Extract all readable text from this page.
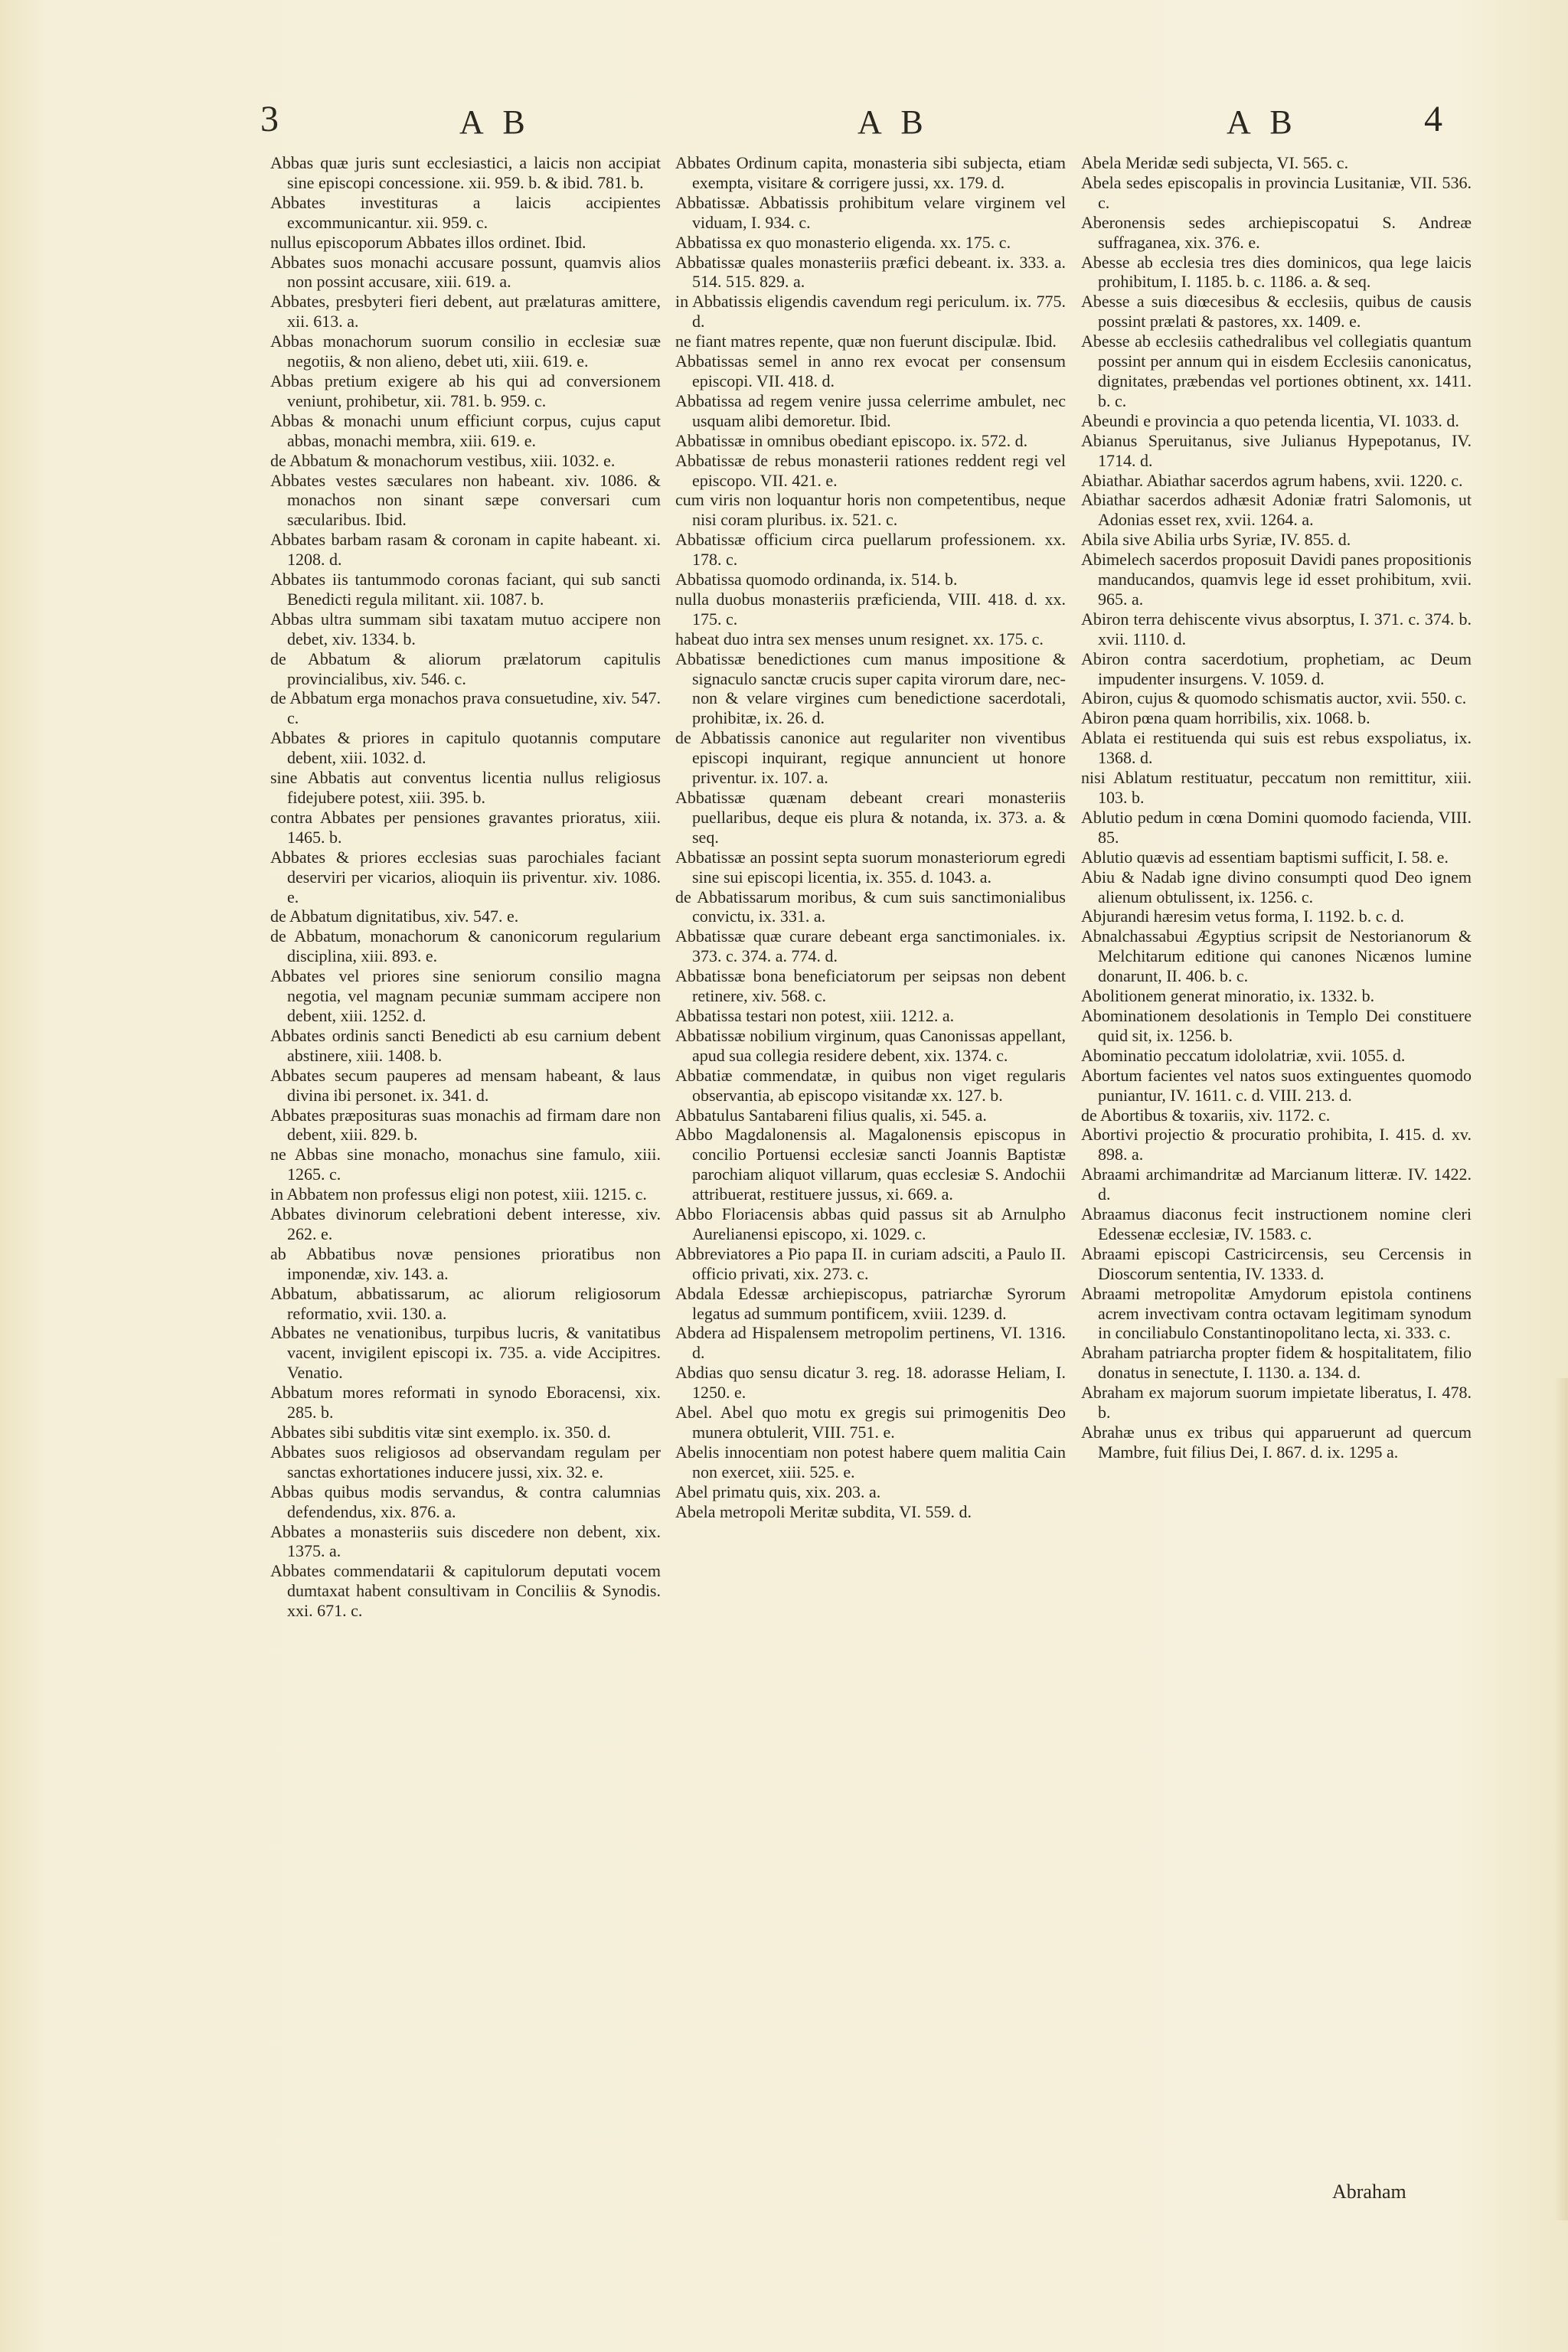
3	A B	A B	A B	4

Abbas quæ juris sunt ecclesiastici, a laicis non accipiat sine episcopi concessione. xii. 959. b. & ibid. 781. b.

Abbates investituras a laicis accipientes excommunicantur. xii. 959. c.

nullus episcoporum Abbates illos ordinet. Ibid.

Abbates suos monachi accusare possunt, quamvis alios non possint accusare, xiii. 619. a.

Abbates, presbyteri fieri debent, aut prælaturas amittere, xii. 613. a.

Abbas monachorum suorum consilio in ecclesiæ suæ negotiis, & non alieno, debet uti, xiii. 619. e.

Abbas pretium exigere ab his qui ad conversionem veniunt, prohibetur, xii. 781. b. 959. c.

Abbas & monachi unum efficiunt corpus, cujus caput abbas, monachi membra, xiii. 619. e.

de Abbatum & monachorum vestibus, xiii. 1032. e.

Abbates vestes sæculares non habeant. xiv. 1086. & monachos non sinant sæpe conversari cum sæcularibus. Ibid.

Abbates barbam rasam & coronam in capite habeant. xi. 1208. d.

Abbates iis tantummodo coronas faciant, qui sub sancti Benedicti regula militant. xii. 1087. b.

Abbas ultra summam sibi taxatam mutuo accipere non debet, xiv. 1334. b.

de Abbatum & aliorum prælatorum capitulis provincialibus, xiv. 546. c.

de Abbatum erga monachos prava consuetudine, xiv. 547. c.

Abbates & priores in capitulo quotannis computare debent, xiii. 1032. d.

sine Abbatis aut conventus licentia nullus religiosus fidejubere potest, xiii. 395. b.

contra Abbates per pensiones gravantes prioratus, xiii. 1465. b.

Abbates & priores ecclesias suas parochiales faciant deserviri per vicarios, alioquin iis priventur. xiv. 1086. e.

de Abbatum dignitatibus, xiv. 547. e.

de Abbatum, monachorum & canonicorum regularium disciplina, xiii. 893. e.

Abbates vel priores sine seniorum consilio magna negotia, vel magnam pecuniæ summam accipere non debent, xiii. 1252. d.

Abbates ordinis sancti Benedicti ab esu carnium debent abstinere, xiii. 1408. b.

Abbates secum pauperes ad mensam habeant, & laus divina ibi personet. ix. 341. d.

Abbates præposituras suas monachis ad firmam dare non debent, xiii. 829. b.

ne Abbas sine monacho, monachus sine famulo, xiii. 1265. c.

in Abbatem non professus eligi non potest, xiii. 1215. c.

Abbates divinorum celebrationi debent interesse, xiv. 262. e.

ab Abbatibus novæ pensiones prioratibus non imponendæ, xiv. 143. a.

Abbatum, abbatissarum, ac aliorum religiosorum reformatio, xvii. 130. a.

Abbates ne venationibus, turpibus lucris, & vanitatibus vacent, invigilent episcopi ix. 735. a. vide Accipitres. Venatio.

Abbatum mores reformati in synodo Eboracensi, xix. 285. b.

Abbates sibi subditis vitæ sint exemplo. ix. 350. d.

Abbates suos religiosos ad observandam regulam per sanctas exhortationes inducere jussi, xix. 32. e.

Abbas quibus modis servandus, & contra calumnias defendendus, xix. 876. a.

Abbates a monasteriis suis discedere non debent, xix. 1375. a.

Abbates commendatarii & capitulorum deputati vocem dumtaxat habent consultivam in Conciliis & Synodis. xxi. 671. c.

Abbates Ordinum capita, monasteria sibi subjecta, etiam exempta, visitare & corrigere jussi, xx. 179. d.

Abbatissæ. Abbatissis prohibitum velare virginem vel viduam, I. 934. c.

Abbatissa ex quo monasterio eligenda. xx. 175. c.

Abbatissæ quales monasteriis præfici debeant. ix. 333. a. 514. 515. 829. a.

in Abbatissis eligendis cavendum regi periculum. ix. 775. d.

ne fiant matres repente, quæ non fuerunt discipulæ. Ibid.

Abbatissas semel in anno rex evocat per consensum episcopi. VII. 418. d.

Abbatissa ad regem venire jussa celerrime ambulet, nec usquam alibi demoretur. Ibid.

Abbatissæ in omnibus obediant episcopo. ix. 572. d.

Abbatissæ de rebus monasterii rationes reddent regi vel episcopo. VII. 421. e.

cum viris non loquantur horis non competentibus, neque nisi coram pluribus. ix. 521. c.

Abbatissæ officium circa puellarum professionem. xx. 178. c.

Abbatissa quomodo ordinanda, ix. 514. b.

nulla duobus monasteriis præficienda, VIII. 418. d. xx. 175. c.

habeat duo intra sex menses unum resignet. xx. 175. c.

Abbatissæ benedictiones cum manus impositione & signaculo sanctæ crucis super capita virorum dare, nec-non & velare virgines cum benedictione sacerdotali, prohibitæ, ix. 26. d.

de Abbatissis canonice aut regulariter non viventibus episcopi inquirant, regique annuncient ut honore priventur. ix. 107. a.

Abbatissæ quænam debeant creari monasteriis puellaribus, deque eis plura & notanda, ix. 373. a. & seq.

Abbatissæ an possint septa suorum monasteriorum egredi sine sui episcopi licentia, ix. 355. d. 1043. a.

de Abbatissarum moribus, & cum suis sanctimonialibus convictu, ix. 331. a.

Abbatissæ quæ curare debeant erga sanctimoniales. ix. 373. c. 374. a. 774. d.

Abbatissæ bona beneficiatorum per seipsas non debent retinere, xiv. 568. c.

Abbatissa testari non potest, xiii. 1212. a.

Abbatissæ nobilium virginum, quas Canonissas appellant, apud sua collegia residere debent, xix. 1374. c.

Abbatiæ commendatæ, in quibus non viget regularis observantia, ab episcopo visitandæ xx. 127. b.

Abbatulus Santabareni filius qualis, xi. 545. a.

Abbo Magdalonensis al. Magalonensis episcopus in concilio Portuensi ecclesiæ sancti Joannis Baptistæ parochiam aliquot villarum, quas ecclesiæ S. Andochii attribuerat, restituere jussus, xi. 669. a.

Abbo Floriacensis abbas quid passus sit ab Arnulpho Aurelianensi episcopo, xi. 1029. c.

Abbreviatores a Pio papa II. in curiam adsciti, a Paulo II. officio privati, xix. 273. c.

Abdala Edessæ archiepiscopus, patriarchæ Syrorum legatus ad summum pontificem, xviii. 1239. d.

Abdera ad Hispalensem metropolim pertinens, VI. 1316. d.

Abdias quo sensu dicatur 3. reg. 18. adorasse Heliam, I. 1250. e.

Abel. Abel quo motu ex gregis sui primogenitis Deo munera obtulerit, VIII. 751. e.

Abelis innocentiam non potest habere quem malitia Cain non exercet, xiii. 525. e.

Abel primatu quis, xix. 203. a.

Abela metropoli Meritæ subdita, VI. 559. d.

Abela Meridæ sedi subjecta, VI. 565. c.

Abela sedes episcopalis in provincia Lusitaniæ, VII. 536. c.

Aberonensis sedes archiepiscopatui S. Andreæ suffraganea, xix. 376. e.

Abesse ab ecclesia tres dies dominicos, qua lege laicis prohibitum, I. 1185. b. c. 1186. a. & seq.

Abesse a suis diœcesibus & ecclesiis, quibus de causis possint prælati & pastores, xx. 1409. e.

Abesse ab ecclesiis cathedralibus vel collegiatis quantum possint per annum qui in eisdem Ecclesiis canonicatus, dignitates, præbendas vel portiones obtinent, xx. 1411. b. c.

Abeundi e provincia a quo petenda licentia, VI. 1033. d.

Abianus Speruitanus, sive Julianus Hypepotanus, IV. 1714. d.

Abiathar. Abiathar sacerdos agrum habens, xvii. 1220. c.

Abiathar sacerdos adhæsit Adoniæ fratri Salomonis, ut Adonias esset rex, xvii. 1264. a.

Abila sive Abilia urbs Syriæ, IV. 855. d.

Abimelech sacerdos proposuit Davidi panes propositionis manducandos, quamvis lege id esset prohibitum, xvii. 965. a.

Abiron terra dehiscente vivus absorptus, I. 371. c. 374. b. xvii. 1110. d.

Abiron contra sacerdotium, prophetiam, ac Deum impudenter insurgens. V. 1059. d.

Abiron, cujus & quomodo schismatis auctor, xvii. 550. c.

Abiron pœna quam horribilis, xix. 1068. b.

Ablata ei restituenda qui suis est rebus exspoliatus, ix. 1368. d.

nisi Ablatum restituatur, peccatum non remittitur, xiii. 103. b.

Ablutio pedum in cœna Domini quomodo facienda, VIII. 85.

Ablutio quævis ad essentiam baptismi sufficit, I. 58. e.

Abiu & Nadab igne divino consumpti quod Deo ignem alienum obtulissent, ix. 1256. c.

Abjurandi hæresim vetus forma, I. 1192. b. c. d.

Abnalchassabui Ægyptius scripsit de Nestorianorum & Melchitarum editione qui canones Nicænos lumine donarunt, II. 406. b. c.

Abolitionem generat minoratio, ix. 1332. b.

Abominationem desolationis in Templo Dei constituere quid sit, ix. 1256. b.

Abominatio peccatum idololatriæ, xvii. 1055. d.

Abortum facientes vel natos suos extinguentes quomodo puniantur, IV. 1611. c. d. VIII. 213. d.

de Abortibus & toxariis, xiv. 1172. c.

Abortivi projectio & procuratio prohibita, I. 415. d. xv. 898. a.

Abraami archimandritæ ad Marcianum litteræ. IV. 1422. d.

Abraamus diaconus fecit instructionem nomine cleri Edessenæ ecclesiæ, IV. 1583. c.

Abraami episcopi Castricircensis, seu Cercensis in Dioscorum sententia, IV. 1333. d.

Abraami metropolitæ Amydorum epistola continens acrem invectivam contra octavam legitimam synodum in conciliabulo Constantinopolitano lecta, xi. 333. c.

Abraham patriarcha propter fidem & hospitalitatem, filio donatus in senectute, I. 1130. a. 134. d.

Abraham ex majorum suorum impietate liberatus, I. 478. b.

Abrahæ unus ex tribus qui apparuerunt ad quercum Mambre, fuit filius Dei, I. 867. d. ix. 1295 a.

Abraham
